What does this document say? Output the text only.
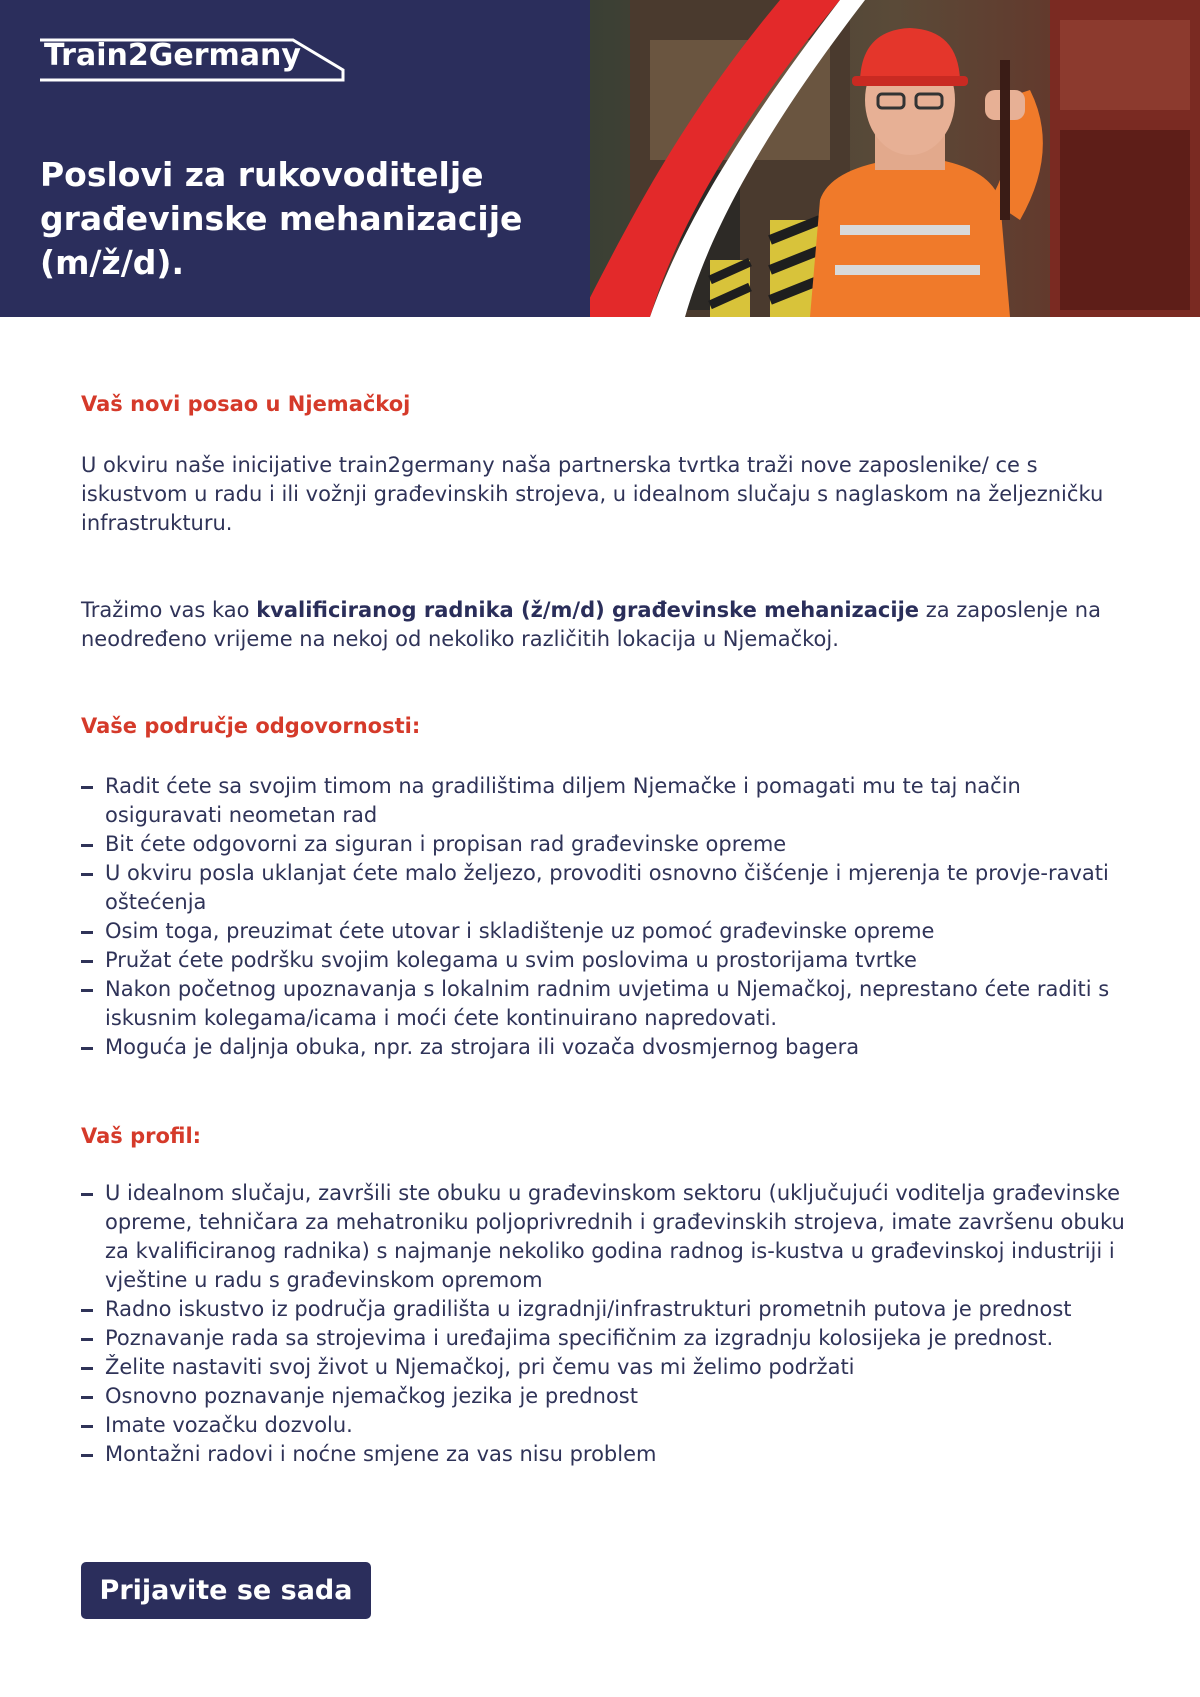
Train2Germany
Poslovi za rukovoditelje
građevinske mehanizacije
(m/ž/d).
Vaš novi posao u Njemačkoj
U okviru naše inicijative train2germany naša partnerska tvrtka traži nove zaposlenike/ ce s iskustvom u radu i ili vožnji građevinskih strojeva, u idealnom slučaju s naglaskom na željezničku infrastrukturu.
Tražimo vas kao kvalificiranog radnika (ž/m/d) građevinske mehanizacije za zaposlenje na neodređeno vrijeme na nekoj od nekoliko različitih lokacija u Njemačkoj.
Vaše područje odgovornosti:
Radit ćete sa svojim timom na gradilištima diljem Njemačke i pomagati mu te taj način osiguravati neometan rad
Bit ćete odgovorni za siguran i propisan rad građevinske opreme
U okviru posla uklanjat ćete malo željezo, provoditi osnovno čišćenje i mjerenja te provje-ravati oštećenja
Osim toga, preuzimat ćete utovar i skladištenje uz pomoć građevinske opreme
Pružat ćete podršku svojim kolegama u svim poslovima u prostorijama tvrtke
Nakon početnog upoznavanja s lokalnim radnim uvjetima u Njemačkoj, neprestano ćete raditi s iskusnim kolegama/icama i moći ćete kontinuirano napredovati.
Moguća je daljnja obuka, npr. za strojara ili vozača dvosmjernog bagera
Vaš profil:
U idealnom slučaju, završili ste obuku u građevinskom sektoru (uključujući voditelja građevinske opreme, tehničara za mehatroniku poljoprivrednih i građevinskih strojeva, imate završenu obuku za kvalificiranog radnika) s najmanje nekoliko godina radnog is-kustva u građevinskoj industriji i vještine u radu s građevinskom opremom
Radno iskustvo iz područja gradilišta u izgradnji/infrastrukturi prometnih putova je prednost
Poznavanje rada sa strojevima i uređajima specifičnim za izgradnju kolosijeka je prednost.
Želite nastaviti svoj život u Njemačkoj, pri čemu vas mi želimo podržati
Osnovno poznavanje njemačkog jezika je prednost
Imate vozačku dozvolu.
Montažni radovi i noćne smjene za vas nisu problem
Prijavite se sada
